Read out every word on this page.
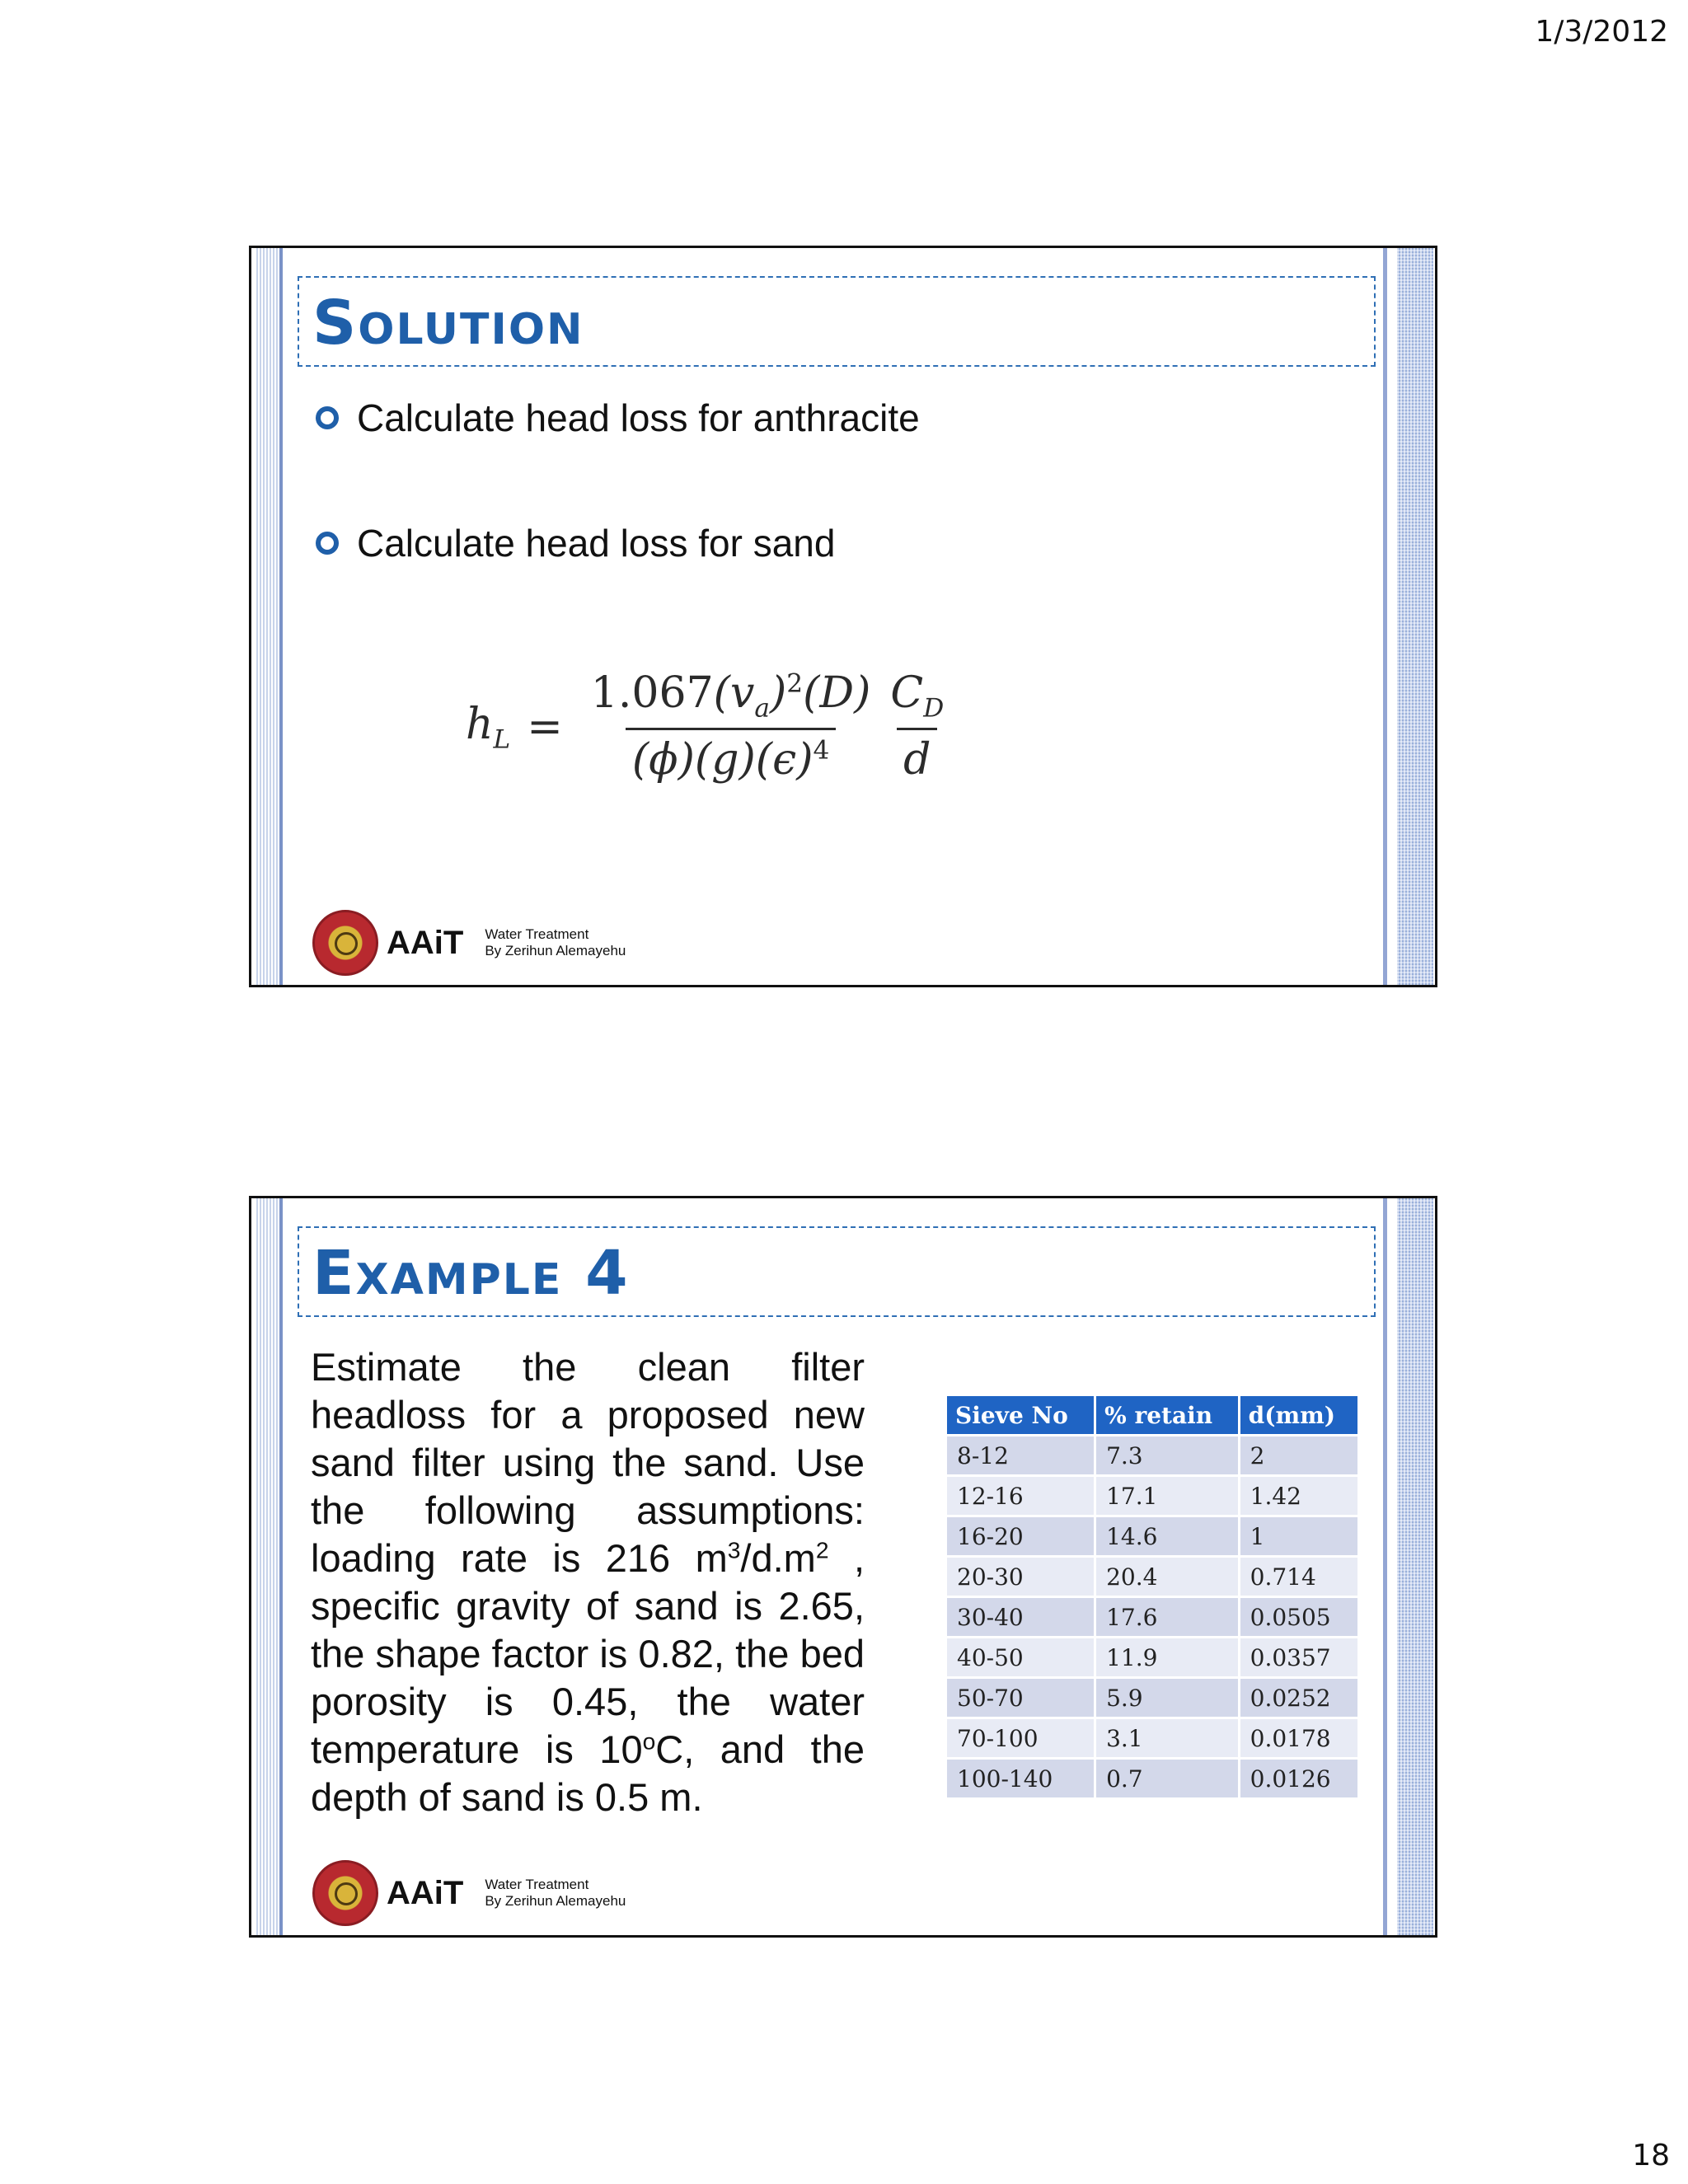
1/3/2012
Solution
Calculate head loss for anthracite
Calculate head loss for sand
$h_L = \frac{1.067(v_a)^2(D)}{(\phi)(g)(\epsilon)^4} \frac{C_D}{d}$
AAiT Water Treatment
By Zerihun Alemayehu
Example 4

Estimate the clean filter headloss for a proposed new sand filter using the sand. Use the following assumptions: loading rate is 216 $m^3/d.m^2$ , specific gravity of sand is 2.65, the shape factor is 0.82, the bed porosity is 0.45, the water temperature is 10$^o$C, and the depth of sand is 0.5 m.

Sieve No	% retain	d(mm)
8-12	7.3	2
12-16	17.1	1.42
16-20	14.6	1
20-30	20.4	0.714
30-40	17.6	0.0505
40-50	11.9	0.0357
50-70	5.9	0.0252
70-100	3.1	0.0178
100-140	0.7	0.0126
AAiT Water Treatment
By Zerihun Alemayehu
18
